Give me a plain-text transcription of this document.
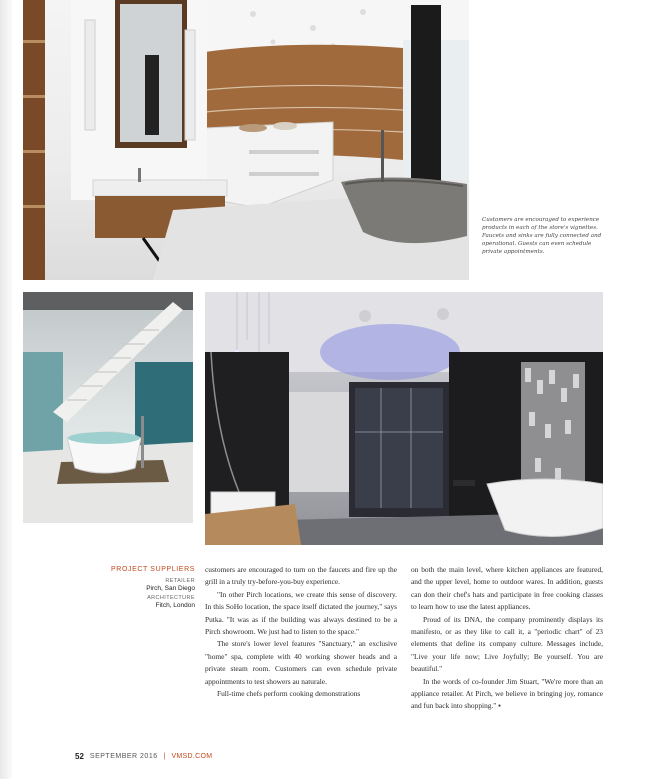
Customers are encouraged to experience products in each of the store's vignettes. Faucets and sinks are fully connected and operational. Guests can even schedule private appointments.
PROJECT SUPPLIERS
RETAILER
Pirch, San Diego
ARCHITECTURE
Fitch, London

customers are encouraged to turn on the faucets and fire up the grill in a truly try-before-you-buy experience.

"In other Pirch locations, we create this sense of discovery. In this SoHo location, the space itself dictated the journey," says Putka. "It was as if the building was always destined to be a Pirch showroom. We just had to listen to the space."

The store's lower level features "Sanctuary," an exclusive "home" spa, complete with 40 working shower heads and a private steam room. Customers can even schedule private appointments to test showers au naturale.

Full-time chefs perform cooking demonstrations

on both the main level, where kitchen appliances are featured, and the upper level, home to outdoor wares. In addition, guests can don their chef's hats and participate in free cooking classes to learn how to use the latest appliances.

Proud of its DNA, the company prominently displays its manifesto, or as they like to call it, a "periodic chart" of 23 elements that define its company culture. Messages include, "Live your life now; Live Joyfully; Be yourself. You are beautiful."

In the words of co-founder Jim Stuart, "We're more than an appliance retailer. At Pirch, we believe in bringing joy, romance and fun back into shopping." ▪

52 SEPTEMBER 2016 | VMSD.COM
